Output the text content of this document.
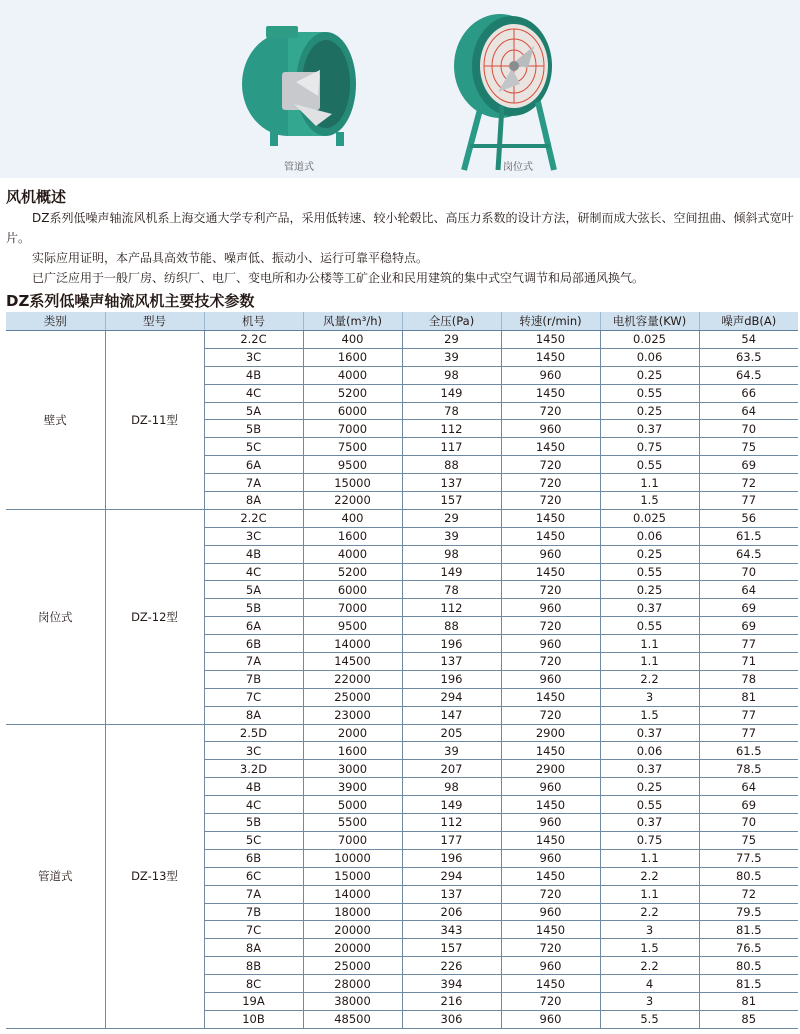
管道式	岗位式
风机概述
DZ系列低噪声轴流风机系上海交通大学专利产品，采用低转速、较小轮毂比、高压力系数的设计方法，研制而成大弦长、空间扭曲、倾斜式宽叶片。
实际应用证明，本产品具高效节能、噪声低、振动小、运行可靠平稳特点。
已广泛应用于一般厂房、纺织厂、电厂、变电所和办公楼等工矿企业和民用建筑的集中式空气调节和局部通风换气。
DZ系列低噪声轴流风机主要技术参数
类别	型号	机号	风量(m³/h)	全压(Pa)	转速(r/min)	电机容量(KW)	噪声dB(A)
壁式	DZ-11型	2.2C	400	29	1450	0.025	54
		3C	1600	39	1450	0.06	63.5
		4B	4000	98	960	0.25	64.5
		4C	5200	149	1450	0.55	66
		5A	6000	78	720	0.25	64
		5B	7000	112	960	0.37	70
		5C	7500	117	1450	0.75	75
		6A	9500	88	720	0.55	69
		7A	15000	137	720	1.1	72
		8A	22000	157	720	1.5	77
岗位式	DZ-12型	2.2C	400	29	1450	0.025	56
		3C	1600	39	1450	0.06	61.5
		4B	4000	98	960	0.25	64.5
		4C	5200	149	1450	0.55	70
		5A	6000	78	720	0.25	64
		5B	7000	112	960	0.37	69
		6A	9500	88	720	0.55	69
		6B	14000	196	960	1.1	77
		7A	14500	137	720	1.1	71
		7B	22000	196	960	2.2	78
		7C	25000	294	1450	3	81
		8A	23000	147	720	1.5	77
管道式	DZ-13型	2.5D	2000	205	2900	0.37	77
		3C	1600	39	1450	0.06	61.5
		3.2D	3000	207	2900	0.37	78.5
		4B	3900	98	960	0.25	64
		4C	5000	149	1450	0.55	69
		5B	5500	112	960	0.37	70
		5C	7000	177	1450	0.75	75
		6B	10000	196	960	1.1	77.5
		6C	15000	294	1450	2.2	80.5
		7A	14000	137	720	1.1	72
		7B	18000	206	960	2.2	79.5
		7C	20000	343	1450	3	81.5
		8A	20000	157	720	1.5	76.5
		8B	25000	226	960	2.2	80.5
		8C	28000	394	1450	4	81.5
		19A	38000	216	720	3	81
		10B	48500	306	960	5.5	85
